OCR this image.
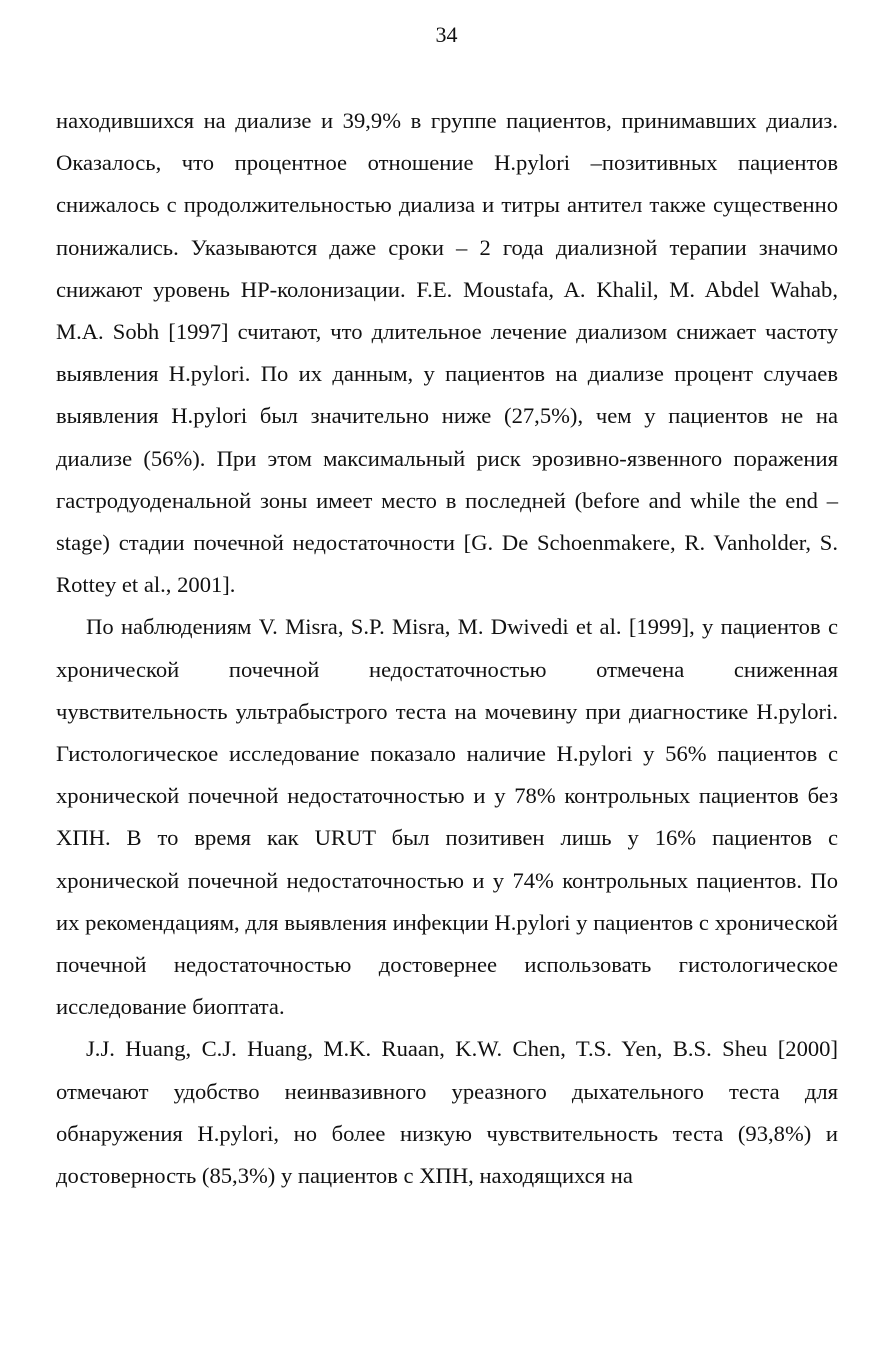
34

находившихся на диализе и 39,9% в группе пациентов, принимавших диализ. Оказалось, что процентное отношение H.pylori –позитивных пациентов снижалось с продолжительностью диализа и титры антител также существенно понижались. Указываются даже сроки – 2 года диализной терапии значимо снижают уровень HP-колонизации. F.E. Moustafa, A. Khalil, M. Abdel Wahab, M.A. Sobh [1997] считают, что длительное лечение диализом снижает частоту выявления H.pylori. По их данным, у пациентов на диализе процент случаев выявления H.pylori был значительно ниже (27,5%), чем у пациентов не на диализе (56%). При этом максимальный риск эрозивно-язвенного поражения гастродуоденальной зоны имеет место в последней (before and while the end – stage) стадии почечной недостаточности [G. De Schoenmakere, R. Vanholder, S. Rottey et al., 2001].

По наблюдениям V. Misra, S.P. Misra, M. Dwivedi et al. [1999], у пациентов с хронической почечной недостаточностью отмечена сниженная чувствительность ультрабыстрого теста на мочевину при диагностике H.pylori. Гистологическое исследование показало наличие H.pylori у 56% пациентов с хронической почечной недостаточностью и у 78% контрольных пациентов без ХПН. В то время как URUT был позитивен лишь у 16% пациентов с хронической почечной недостаточностью и у 74% контрольных пациентов. По их рекомендациям, для выявления инфекции H.pylori у пациентов с хронической почечной недостаточностью достовернее использовать гистологическое исследование биоптата.

J.J. Huang, C.J. Huang, M.K. Ruaan, K.W. Chen, T.S. Yen, B.S. Sheu [2000] отмечают удобство неинвазивного уреазного дыхательного теста для обнаружения H.pylori, но более низкую чувствительность теста (93,8%) и достоверность (85,3%) у пациентов с ХПН, находящихся на
